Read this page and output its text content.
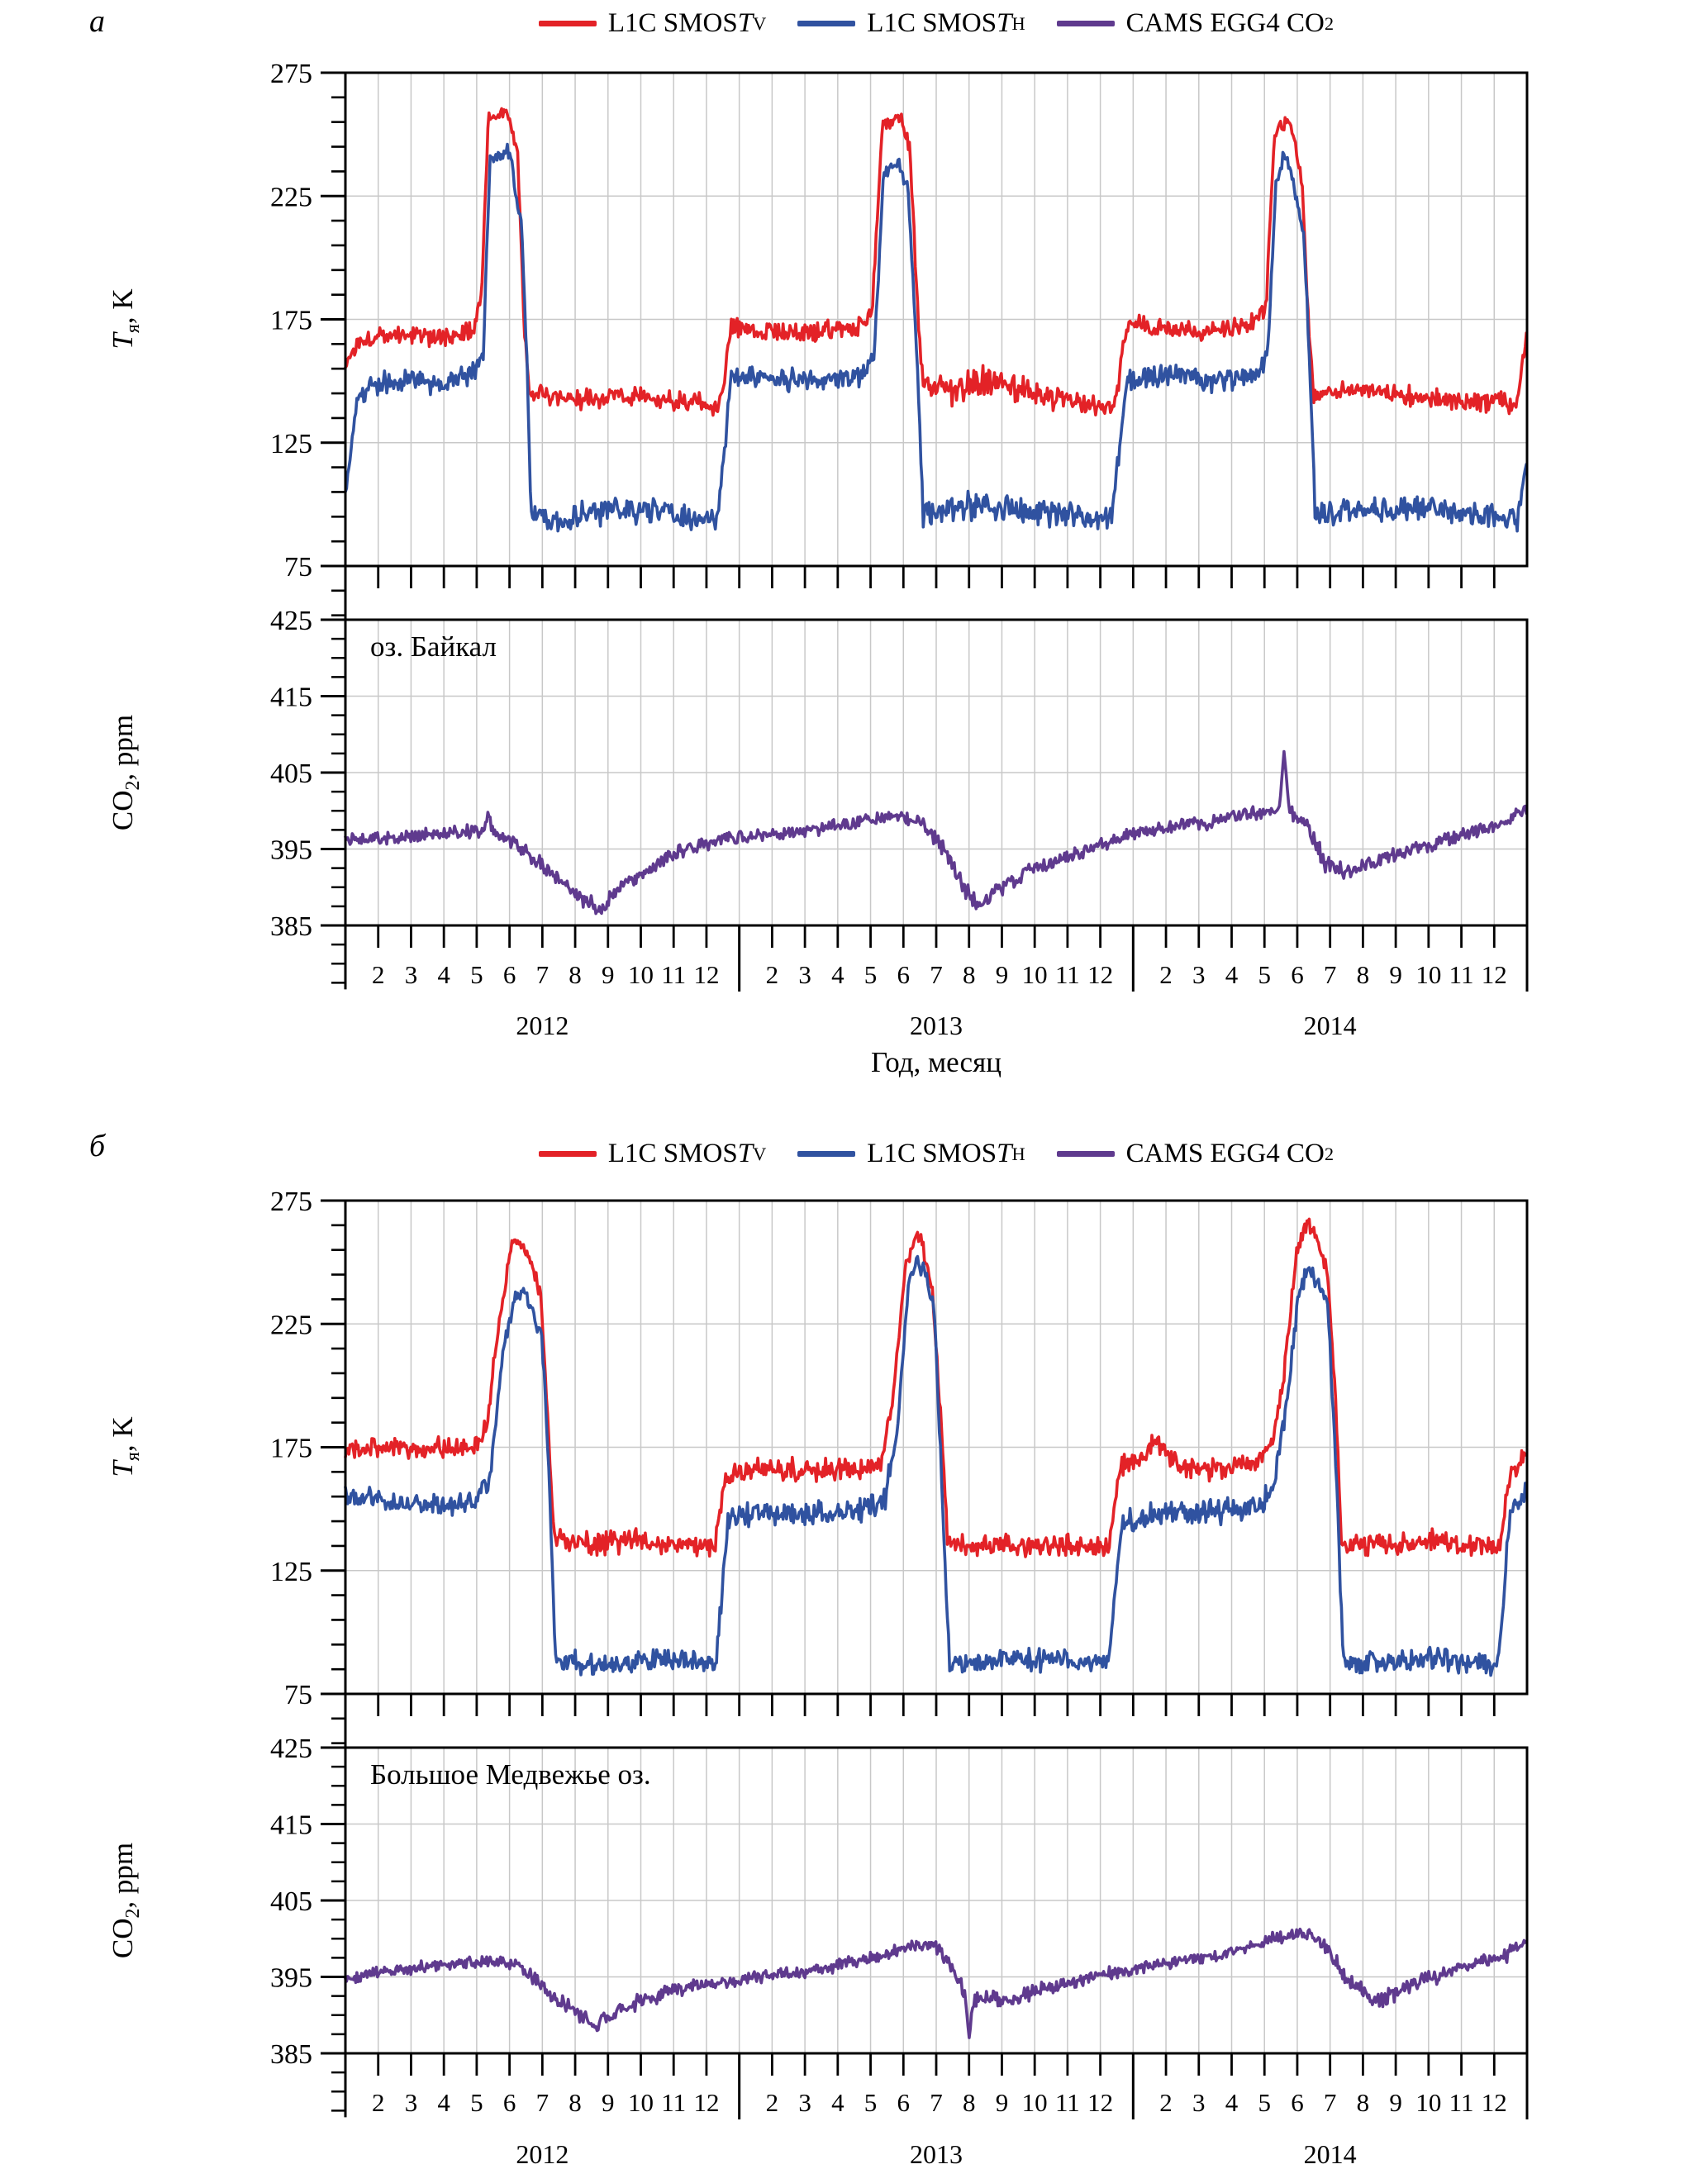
75
125
175
225
275
385
395
405
415
425
2 3 4 5 6 7 8 9 10 11 12
2012
2 3 4 5 6 7 8 9 10 11 12
2013
2 3 4 5 6 7 8 9 10 11 12
2014
75
125
175
225
275
385
395
405
415
425
2 3 4 5 6 7 8 9 10 11 12
2012
2 3 4 5 6 7 8 9 10 11 12
2013
2 3 4 5 6 7 8 9 10 11 12
2014
a	L1C SMOS T V	L1C SMOS T H	CAMS EGG4 CO 2
$T_я$, K
$CO_2$, ppm
оз. Байкал
Год, месяц
б	L1C SMOS T V	L1C SMOS T H	CAMS EGG4 CO 2
$T_я$, K
$CO_2$, ppm
Большое Медвежье оз.
